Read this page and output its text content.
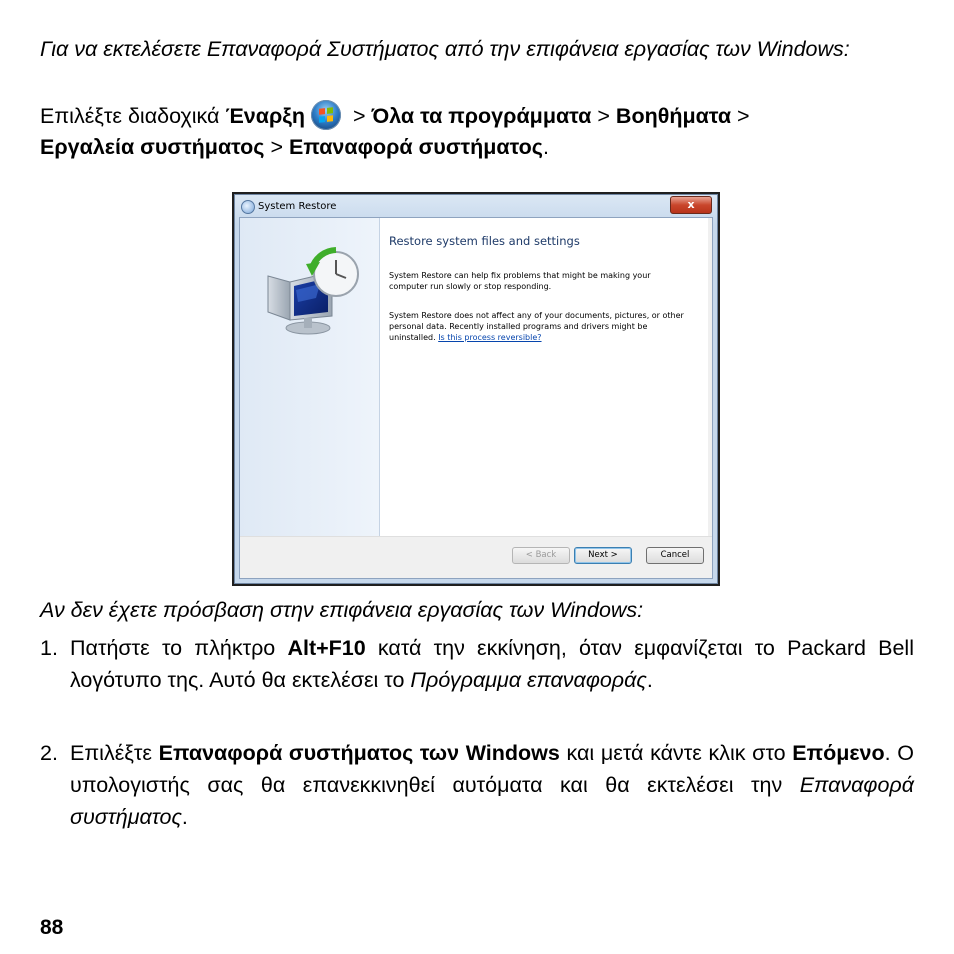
Για να εκτελέσετε Επαναφορά Συστήματος από την επιφάνεια εργασίας των Windows:
Επιλέξτε διαδοχικά Έναρξη
> Όλα τα προγράμματα > Βοηθήματα >
Εργαλεία συστήματος > Επαναφορά συστήματος.
System Restore	x
Restore system files and settings
System Restore can help fix problems that might be making your computer run slowly or stop responding.
System Restore does not affect any of your documents, pictures, or other personal data. Recently installed programs and drivers might be uninstalled. Is this process reversible?
< Back	Next >	Cancel
Αν δεν έχετε πρόσβαση στην επιφάνεια εργασίας των Windows:
1. Πατήστε το πλήκτρο Alt+F10 κατά την εκκίνηση, όταν εμφανίζεται το Packard Bell λογότυπο της. Αυτό θα εκτελέσει το Πρόγραμμα επαναφοράς.
2. Επιλέξτε Επαναφορά συστήματος των Windows και μετά κάντε κλικ στο Επόμενο. Ο υπολογιστής σας θα επανεκκινηθεί αυτόματα και θα εκτελέσει την Επαναφορά συστήματος.
88
